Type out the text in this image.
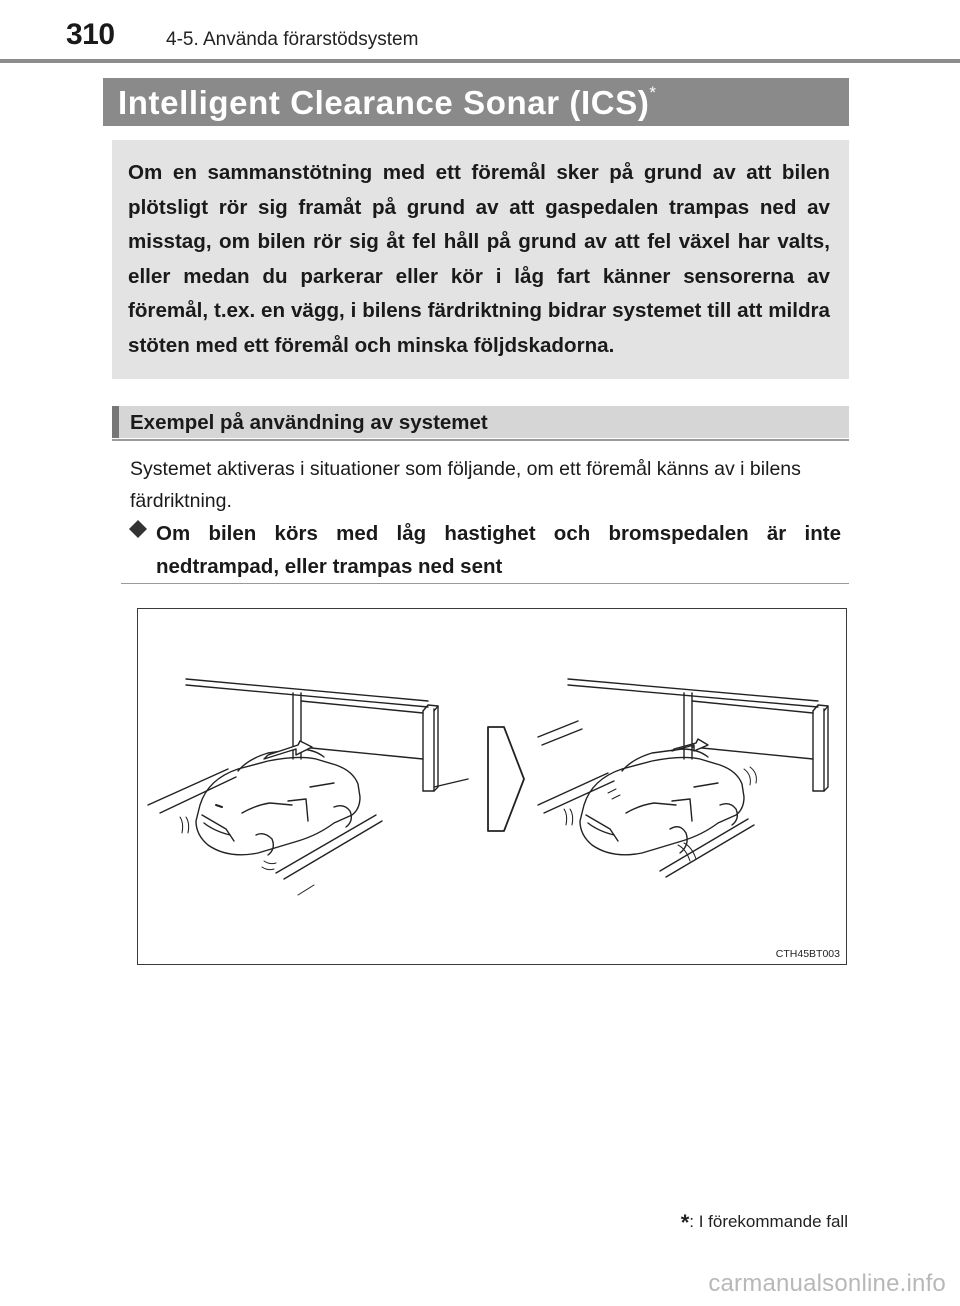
310	4-5. Använda förarstödsystem
Intelligent Clearance Sonar (ICS)*
Om en sammanstötning med ett föremål sker på grund av att bilen plötsligt rör sig framåt på grund av att gaspedalen trampas ned av misstag, om bilen rör sig åt fel håll på grund av att fel växel har valts, eller medan du parkerar eller kör i låg fart känner sensorerna av föremål, t.ex. en vägg, i bilens färdriktning bidrar systemet till att mildra stöten med ett föremål och minska följdskadorna.
Exempel på användning av systemet
Systemet aktiveras i situationer som följande, om ett föremål känns av i bilens färdriktning.
Om bilen körs med låg hastighet och bromspedalen är inte nedtrampad, eller trampas ned sent
CTH45BT003
*: I förekommande fall
carmanualsonline.info
